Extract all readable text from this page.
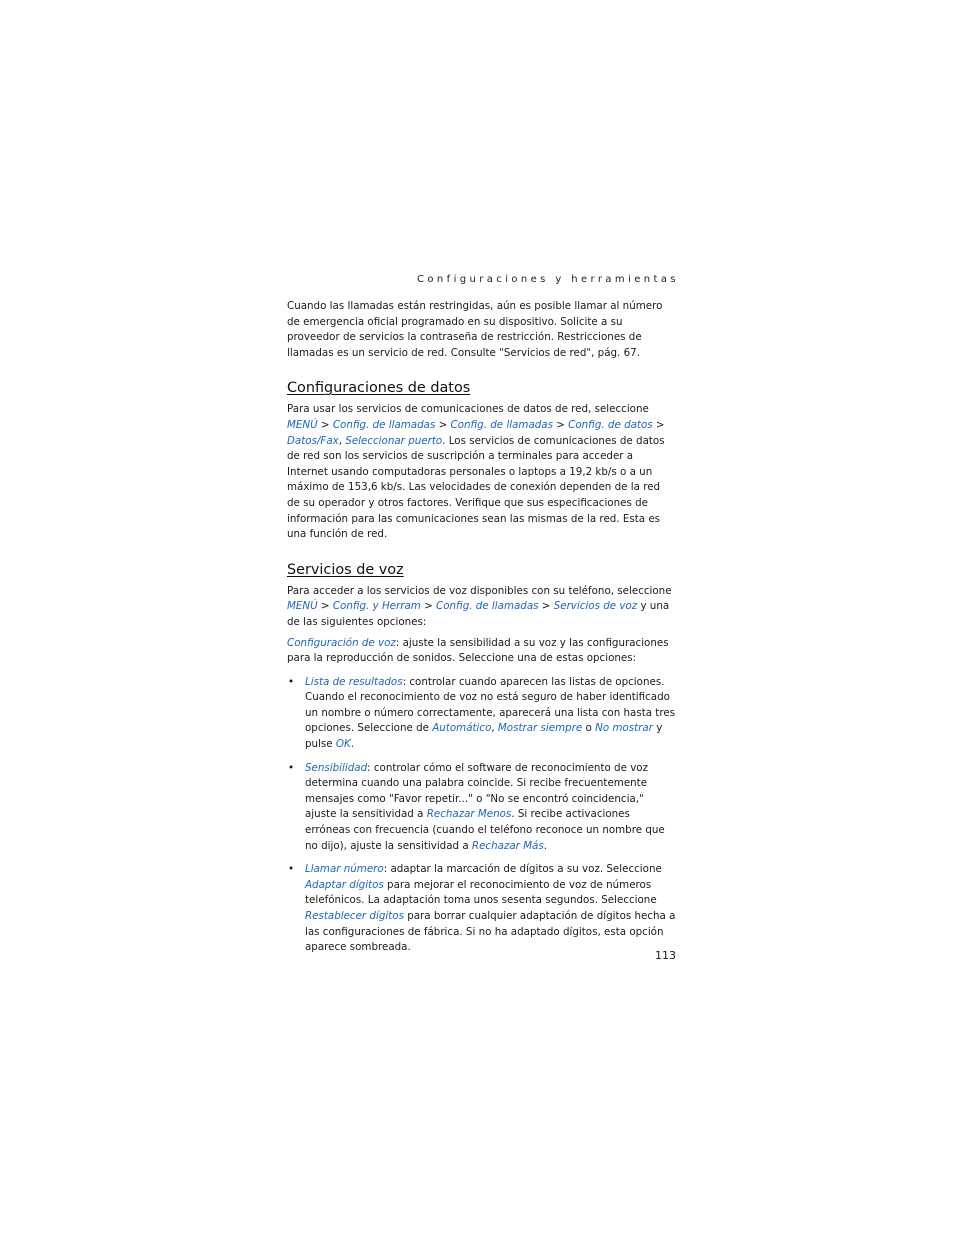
Configuraciones y herramientas

Cuando las llamadas están restringidas, aún es posible llamar al número de emergencia oficial programado en su dispositivo. Solicite a su proveedor de servicios la contraseña de restricción. Restricciones de llamadas es un servicio de red. Consulte "Servicios de red", pág. 67.

Configuraciones de datos

Para usar los servicios de comunicaciones de datos de red, seleccione MENÚ > Config. de llamadas > Config. de llamadas > Config. de datos > Datos/Fax, Seleccionar puerto. Los servicios de comunicaciones de datos de red son los servicios de suscripción a terminales para acceder a Internet usando computadoras personales o laptops a 19,2 kb/s o a un máximo de 153,6 kb/s. Las velocidades de conexión dependen de la red de su operador y otros factores. Verifique que sus especificaciones de información para las comunicaciones sean las mismas de la red. Esta es una función de red.

Servicios de voz

Para acceder a los servicios de voz disponibles con su teléfono, seleccione MENÚ > Config. y Herram > Config. de llamadas > Servicios de voz y una de las siguientes opciones:

Configuración de voz: ajuste la sensibilidad a su voz y las configuraciones para la reproducción de sonidos. Seleccione una de estas opciones:

• Lista de resultados: controlar cuando aparecen las listas de opciones. Cuando el reconocimiento de voz no está seguro de haber identificado un nombre o número correctamente, aparecerá una lista con hasta tres opciones. Seleccione de Automático, Mostrar siempre o No mostrar y pulse OK.
• Sensibilidad: controlar cómo el software de reconocimiento de voz determina cuando una palabra coincide. Si recibe frecuentemente mensajes como "Favor repetir..." o "No se encontró coincidencia," ajuste la sensitividad a Rechazar Menos. Si recibe activaciones erróneas con frecuencia (cuando el teléfono reconoce un nombre que no dijo), ajuste la sensitividad a Rechazar Más.
• Llamar número: adaptar la marcación de dígitos a su voz. Seleccione Adaptar dígitos para mejorar el reconocimiento de voz de números telefónicos. La adaptación toma unos sesenta segundos. Seleccione Restablecer dígitos para borrar cualquier adaptación de dígitos hecha a las configuraciones de fábrica. Si no ha adaptado dígitos, esta opción aparece sombreada.
113
